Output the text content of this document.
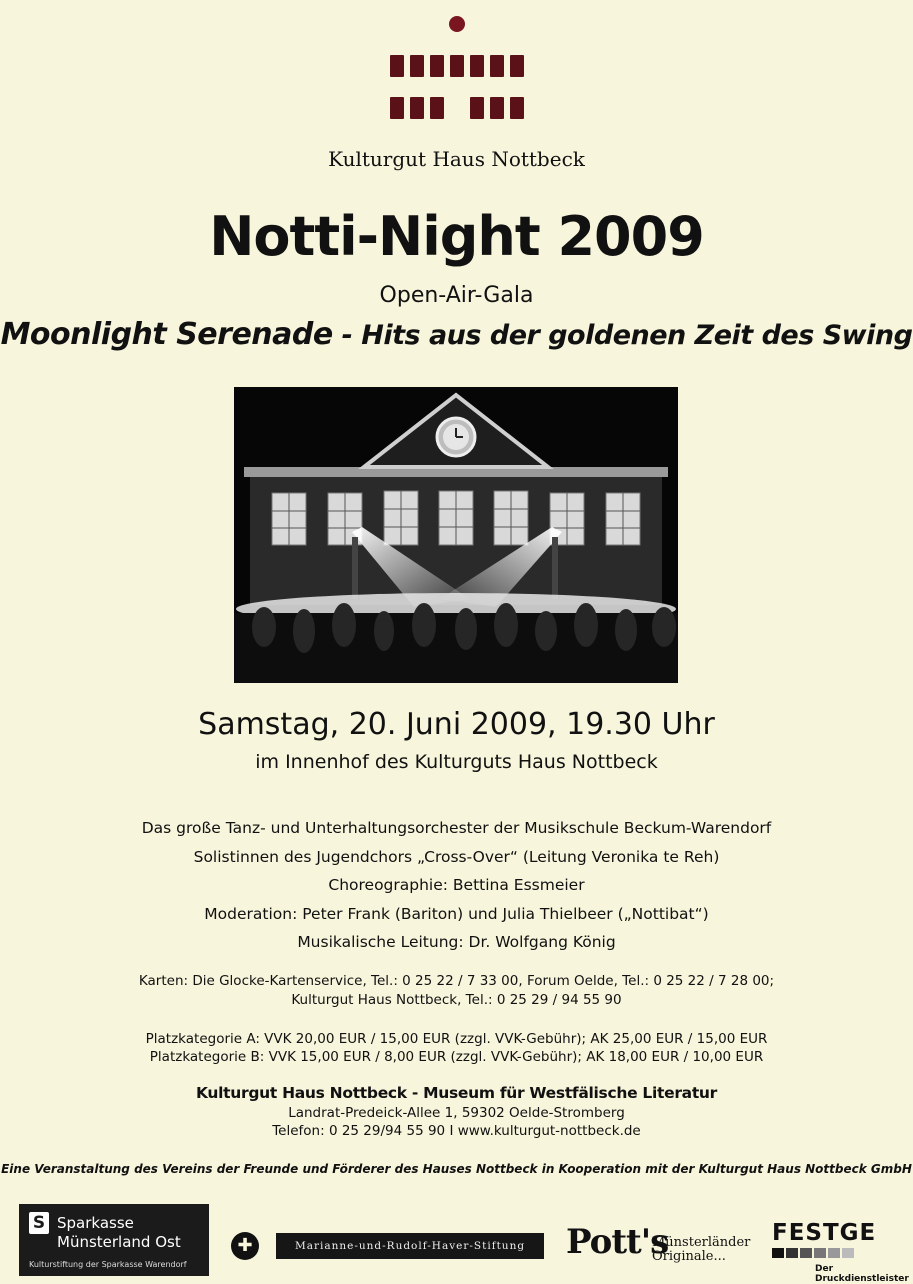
Kulturgut Haus Nottbeck
Notti-Night 2009
Open-Air-Gala
Moonlight Serenade - Hits aus der goldenen Zeit des Swing
Samstag, 20. Juni 2009, 19.30 Uhr
im Innenhof des Kulturguts Haus Nottbeck
Das große Tanz- und Unterhaltungsorchester der Musikschule Beckum-Warendorf
Solistinnen des Jugendchors „Cross-Over“ (Leitung Veronika te Reh)
Choreographie: Bettina Essmeier
Moderation: Peter Frank (Bariton) und Julia Thielbeer („Nottibat“)
Musikalische Leitung: Dr. Wolfgang König
Karten: Die Glocke-Kartenservice, Tel.: 0 25 22 / 7 33 00, Forum Oelde, Tel.: 0 25 22 / 7 28 00;
Kulturgut Haus Nottbeck, Tel.: 0 25 29 / 94 55 90
Platzkategorie A: VVK 20,00 EUR / 15,00 EUR (zzgl. VVK-Gebühr); AK 25,00 EUR / 15,00 EUR
Platzkategorie B: VVK 15,00 EUR / 8,00 EUR (zzgl. VVK-Gebühr); AK 18,00 EUR / 10,00 EUR
Kulturgut Haus Nottbeck - Museum für Westfälische Literatur
Landrat-Predeick-Allee 1, 59302 Oelde-Stromberg
Telefon: 0 25 29/94 55 90 I www.kulturgut-nottbeck.de
Eine Veranstaltung des Vereins der Freunde und Förderer des Hauses Nottbeck in Kooperation mit der Kulturgut Haus Nottbeck GmbH
S Sparkasse
Münsterland Ost
Kulturstiftung der Sparkasse Warendorf
✚	Marianne-und-Rudolf-Haver-Stiftung	Pott's
Münsterländer
Originale...
FESTGE
Der Druckdienstleister
